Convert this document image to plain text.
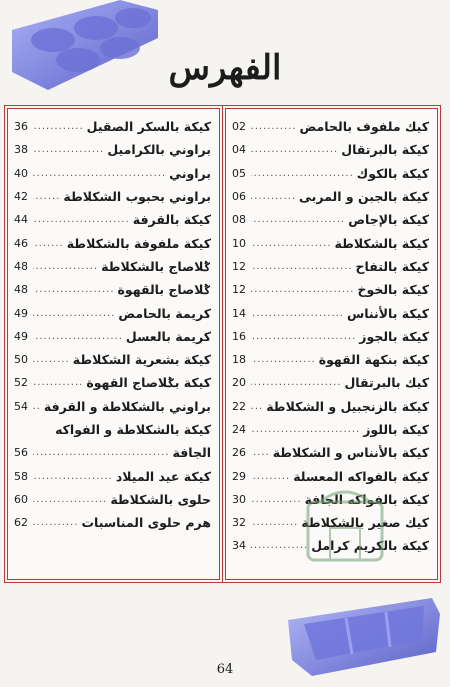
الفهرس
كيك ملفوف بالحامض
.....
02
كيكة بالبرتقال
.....
04
كيكة بالكوك
.....
05
كيكة بالجبن و المربى
.....
06
كيكة بالإجاص
.....
08
كيكة بالشكلاطة
.....
10
كيكة بالتفاح
.....
12
كيكة بالخوخ
.....
12
كيكة بالأنناس
.....
14
كيكة بالجوز
.....
16
كيكة بنكهة القهوة
.....
18
كيك بالبرتقال
.....
20
كيكة بالزنجبيل و الشكلاطة
.....
22
كيكة باللوز
.....
24
كيكة بالأنناس و الشكلاطة
.....
26
كيكة بالفواكه المعسلة
.....
29
كيكة بالفواكه الجافة
.....
30
كيك صغير بالشكلاطة
.....
32
كيكة بالكريم كرامل
.....
34
كيكة بالسكر الصقيل
.....
36
براوني بالكراميل
.....
38
براوني
.....
40
براوني بحبوب الشكلاطة
.....
42
كيكة بالقرفة
.....
44
كيكة ملفوفة بالشكلاطة
.....
46
ݣلاصاج بالشكلاطة
.....
48
ݣلاصاج بالقهوة
.....
48
كريمة بالحامض
.....
49
كريمة بالعسل
.....
49
كيكة بشعرية الشكلاطة
.....
50
كيكة بݣلاصاج القهوة
.....
52
براوني بالشكلاطة و القرفة
.....
54
كيكة بالشكلاطة و الفواكه
الجافة
.....
56
كيكة عيد الميلاد
.....
58
حلوى بالشكلاطة
.....
60
هرم حلوى المناسبات
.....
62
64
